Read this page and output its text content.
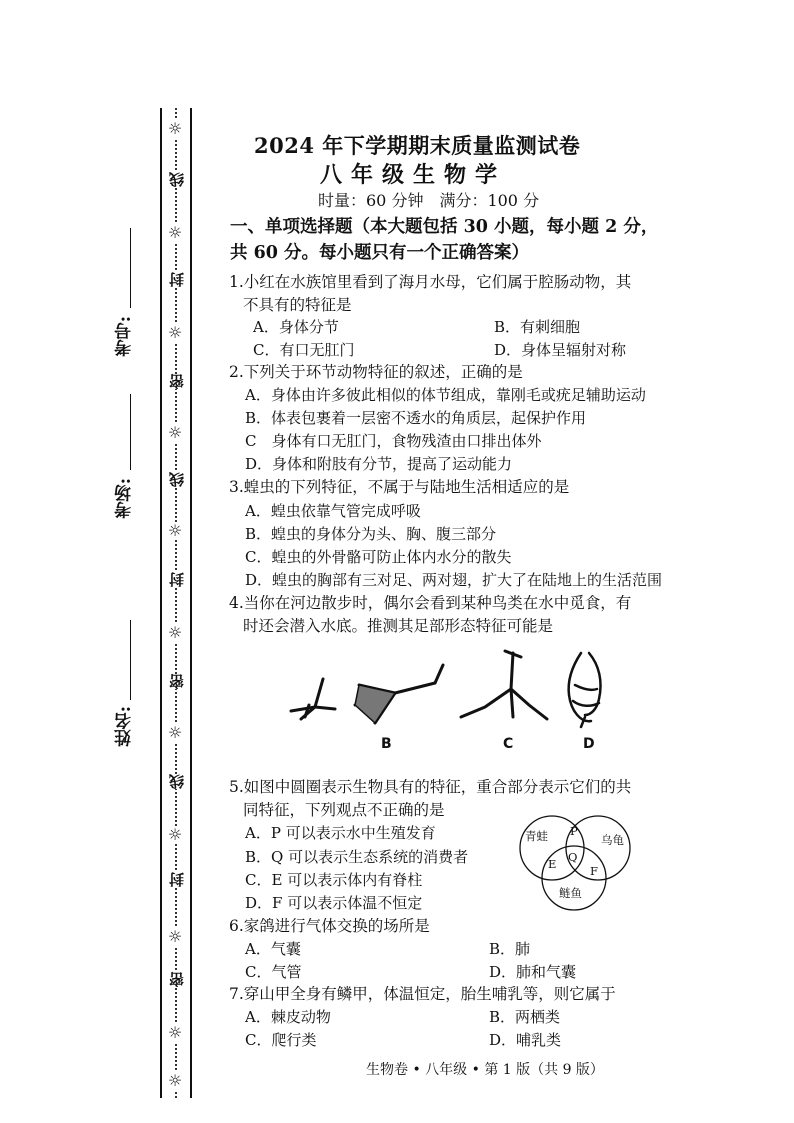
☼
线
☼
封
☼
密
☼
线
☼
封
☼
密
☼
线
☼
封
☼
密
☼
☼
考号:
考场:
姓名:
2024 年下学期期末质量监测试卷
八年级生物学
时量：60 分钟　满分：100 分
一、单项选择题（本大题包括 30 小题，每小题 2 分，
共 60 分。每小题只有一个正确答案）
1.小红在水族馆里看到了海月水母，它们属于腔肠动物，其
不具有的特征是
A．身体分节	B．有刺细胞
C．有口无肛门	D．身体呈辐射对称
2.下列关于环节动物特征的叙述，正确的是
A．身体由许多彼此相似的体节组成，靠刚毛或疣足辅助运动
B．体表包裹着一层密不透水的角质层，起保护作用
C　身体有口无肛门，食物残渣由口排出体外
D．身体和附肢有分节，提高了运动能力
3.蝗虫的下列特征，不属于与陆地生活相适应的是
A．蝗虫依靠气管完成呼吸
B．蝗虫的身体分为头、胸、腹三部分
C．蝗虫的外骨骼可防止体内水分的散失
D．蝗虫的胸部有三对足、两对翅，扩大了在陆地上的生活范围
4.当你在河边散步时，偶尔会看到某种鸟类在水中觅食，有
时还会潜入水底。推测其足部形态特征可能是
B	C	D
5.如图中圆圈表示生物具有的特征，重合部分表示它们的共
同特征，下列观点不正确的是
A．P 可以表示水中生殖发育
B．Q 可以表示生态系统的消费者
C．E 可以表示体内有脊柱
D．F 可以表示体温不恒定
青蛙	乌龟
鲢鱼
P
Q
E	F
6.家鸽进行气体交换的场所是
A．气囊	B．肺
C．气管	D．肺和气囊
7.穿山甲全身有鳞甲，体温恒定，胎生哺乳等，则它属于
A．棘皮动物	B．两栖类
C．爬行类	D．哺乳类
生物卷 • 八年级 • 第 1 版（共 9 版）
